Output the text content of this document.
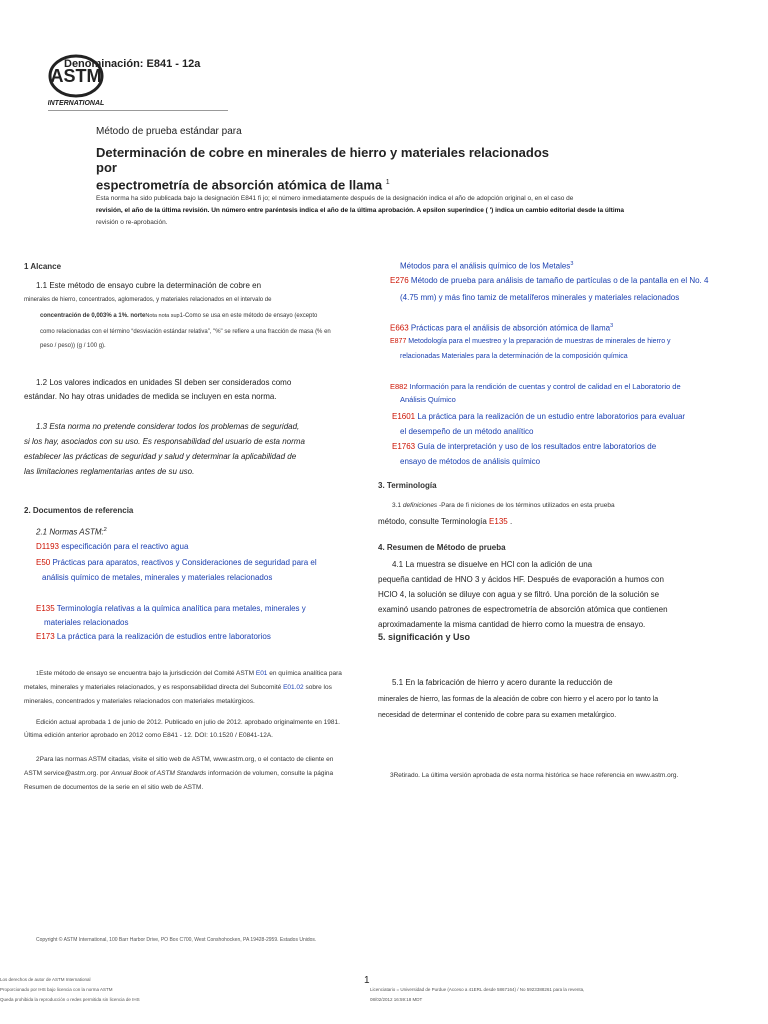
ASTM
INTERNATIONAL
Denominación: E841 - 12a
Método de prueba estándar para
Determinación de cobre en minerales de hierro y materiales relacionados por
espectrometría de absorción atómica de llama $^1$
Esta norma ha sido publicada bajo la designación E841 fi jo; el número inmediatamente después de la designación indica el año de adopción original o, en el caso de
revisión, el año de la última revisión. Un número entre paréntesis indica el año de la última aprobación. A epsilon superíndice ( ') indica un cambio editorial desde la última
revisión o re-aprobación.
1 Alcance
1.1 Este método de ensayo cubre la determinación de cobre en
minerales de hierro, concentrados, aglomerados, y materiales relacionados en el intervalo de
concentración de 0,003% a 1%. norteNota nota sup1-Como se usa en este método de ensayo (excepto
como relacionadas con el término “desviación estándar relativa”, "%" se refiere a una fracción de masa (% en
peso / peso)) (g / 100 g).
1.2 Los valores indicados en unidades SI deben ser considerados como
estándar. No hay otras unidades de medida se incluyen en esta norma.
1.3 Esta norma no pretende considerar todos los problemas de seguridad,
si los hay, asociados con su uso. Es responsabilidad del usuario de esta norma
establecer las prácticas de seguridad y salud y determinar la aplicabilidad de
las limitaciones reglamentarias antes de su uso.
2. Documentos de referencia
2.1 Normas ASTM:$^2$
D1193 especificación para el reactivo agua
E50 Prácticas para aparatos, reactivos y Consideraciones de seguridad para el
análisis químico de metales, minerales y materiales relacionados
E135 Terminología relativas a la química analítica para metales, minerales y
materiales relacionados
E173 La práctica para la realización de estudios entre laboratorios
1Este método de ensayo se encuentra bajo la jurisdicción del Comité ASTM E01 en química analítica para
metales, minerales y materiales relacionados, y es responsabilidad directa del Subcomité E01.02 sobre los
minerales, concentrados y materiales relacionados con materiales metalúrgicos.
Edición actual aprobada 1 de junio de 2012. Publicado en julio de 2012. aprobado originalmente en 1981.
Última edición anterior aprobado en 2012 como E841 - 12. DOI: 10.1520 / E0841-12A.
2Para las normas ASTM citadas, visite el sitio web de ASTM, www.astm.org, o el contacto de cliente en
ASTM service@astm.org. por Annual Book of ASTM Standards información de volumen, consulte la página
Resumen de documentos de la serie en el sitio web de ASTM.
Métodos para el análisis químico de los Metales$^3$
E276 Método de prueba para análisis de tamaño de partículas o de la pantalla en el No. 4
(4.75 mm) y más fino tamiz de metalíferos minerales y materiales relacionados
E663 Prácticas para el análisis de absorción atómica de llama$^3$
E877 Metodología para el muestreo y la preparación de muestras de minerales de hierro y
relacionadas Materiales para la determinación de la composición química
E882 Información para la rendición de cuentas y control de calidad en el Laboratorio de
Análisis Químico
E1601 La práctica para la realización de un estudio entre laboratorios para evaluar
el desempeño de un método analítico
E1763 Guía de interpretación y uso de los resultados entre laboratorios de
ensayo de métodos de análisis químico
3. Terminología
3.1 definiciones -Para de fi niciones de los términos utilizados en esta prueba
método, consulte Terminología E135 .
4. Resumen de Método de prueba
4.1 La muestra se disuelve en HCl con la adición de una
pequeña cantidad de HNO 3 y ácidos HF. Después de evaporación a humos con
HClO 4, la solución se diluye con agua y se filtró. Una porción de la solución se
examinó usando patrones de espectrometría de absorción atómica que contienen
aproximadamente la misma cantidad de hierro como la muestra de ensayo.
5. significación y Uso
5.1 En la fabricación de hierro y acero durante la reducción de
minerales de hierro, las formas de la aleación de cobre con hierro y el acero por lo tanto la
necesidad de determinar el contenido de cobre para su examen metalúrgico.
3Retirado. La última versión aprobada de esta norma histórica se hace referencia en www.astm.org.
Copyright © ASTM International, 100 Barr Harbor Drive, PO Box C700, West Conshohocken, PA 19428-2959. Estados Unidos.
Los derechos de autor de ASTM International
Proporcionado por IHS bajo licencia con la norma ASTM
Queda prohibida la reproducción o redes permitida sin licencia de IHS
1
Licenciatario = Universidad de Purdue (Acceso a 41ERL desde 5867164) / No 5923388261 para la reventa,
08/02/2012 16:59:18 MDT
